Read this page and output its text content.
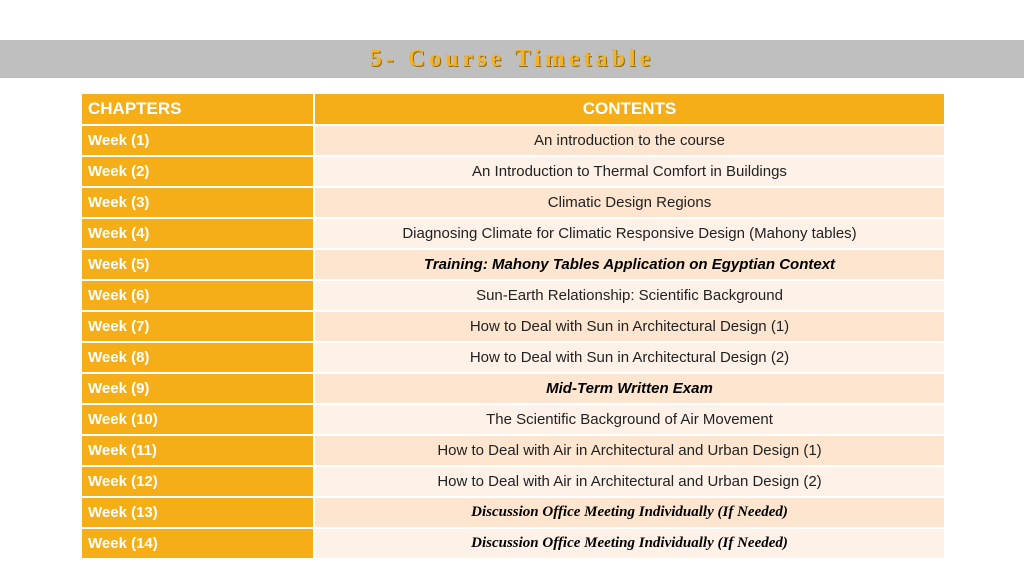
5- Course Timetable
CHAPTERS	CONTENTS
Week (1)	An introduction to the course
Week (2)	An Introduction to Thermal Comfort in Buildings
Week (3)	Climatic Design Regions
Week (4)	Diagnosing Climate for Climatic Responsive Design (Mahony tables)
Week (5)	Training: Mahony Tables Application on Egyptian Context
Week (6)	Sun-Earth Relationship: Scientific Background
Week (7)	How to Deal with Sun in Architectural Design (1)
Week (8)	How to Deal with Sun in Architectural Design (2)
Week (9)	Mid-Term Written Exam
Week (10)	The Scientific Background of Air Movement
Week (11)	How to Deal with Air in Architectural and Urban Design (1)
Week (12)	How to Deal with Air in Architectural and Urban Design (2)
Week (13)	Discussion Office Meeting Individually (If Needed)
Week (14)	Discussion Office Meeting Individually (If Needed)
